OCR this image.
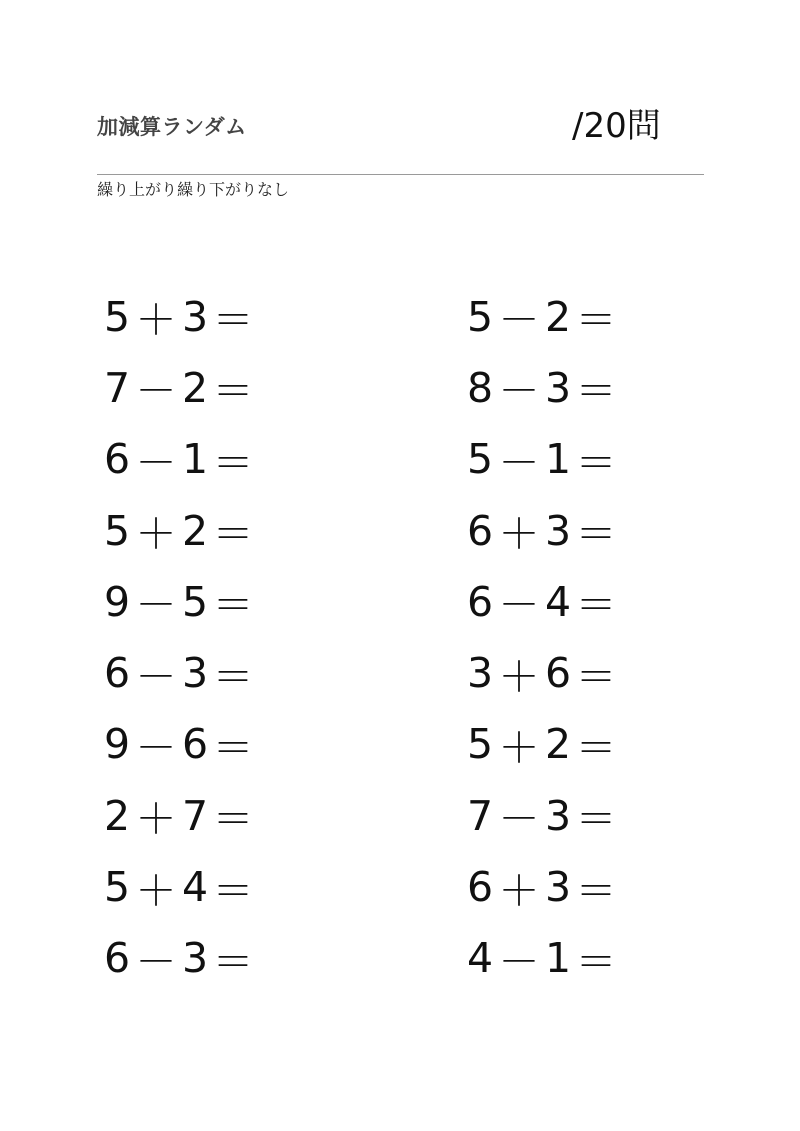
加減算ランダム	/20問
繰り上がり繰り下がりなし
5 ＋ 3 ＝	5 － 2 ＝
7 － 2 ＝	8 － 3 ＝
6 － 1 ＝	5 － 1 ＝
5 ＋ 2 ＝	6 ＋ 3 ＝
9 － 5 ＝	6 － 4 ＝
6 － 3 ＝	3 ＋ 6 ＝
9 － 6 ＝	5 ＋ 2 ＝
2 ＋ 7 ＝	7 － 3 ＝
5 ＋ 4 ＝	6 ＋ 3 ＝
6 － 3 ＝	4 － 1 ＝
